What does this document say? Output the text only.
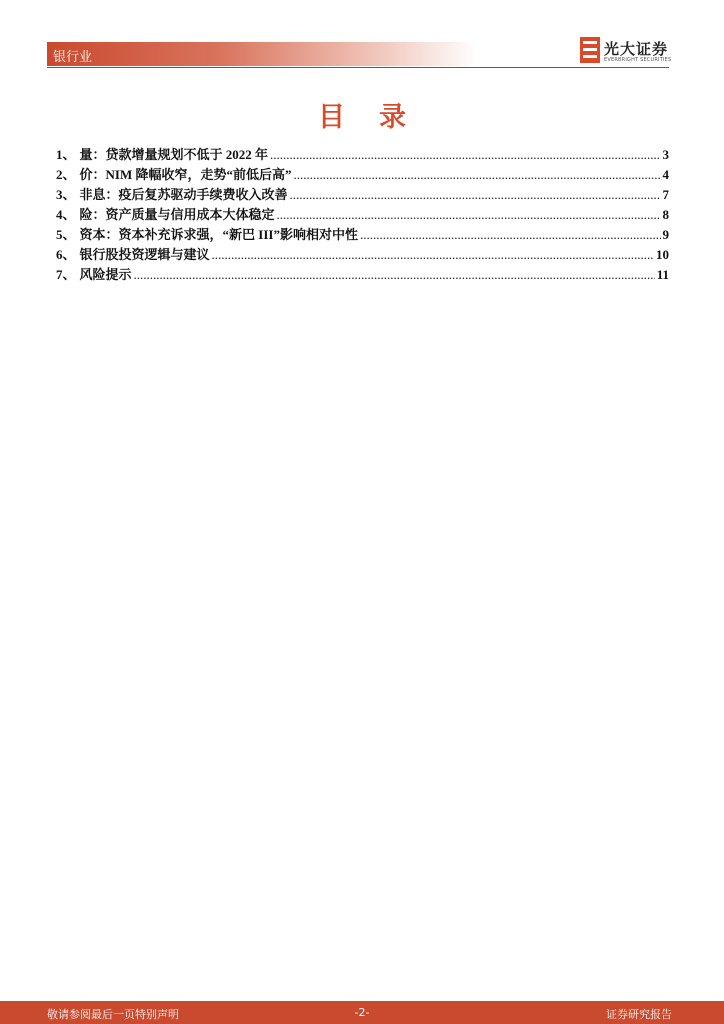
银行业	光大证券
EVERBRIGHT SECURITIES
目录
1、 量：贷款增量规划不低于 2022 年 .....	3
2、 价：NIM 降幅收窄，走势“前低后高” .....	4
3、 非息：疫后复苏驱动手续费收入改善 .....	7
4、 险：资产质量与信用成本大体稳定 .....	8
5、 资本：资本补充诉求强，“新巴 III”影响相对中性 .....	9
6、 银行股投资逻辑与建议 .....	10
7、 风险提示 .....	11
敬请参阅最后一页特别声明	-2-	证券研究报告
